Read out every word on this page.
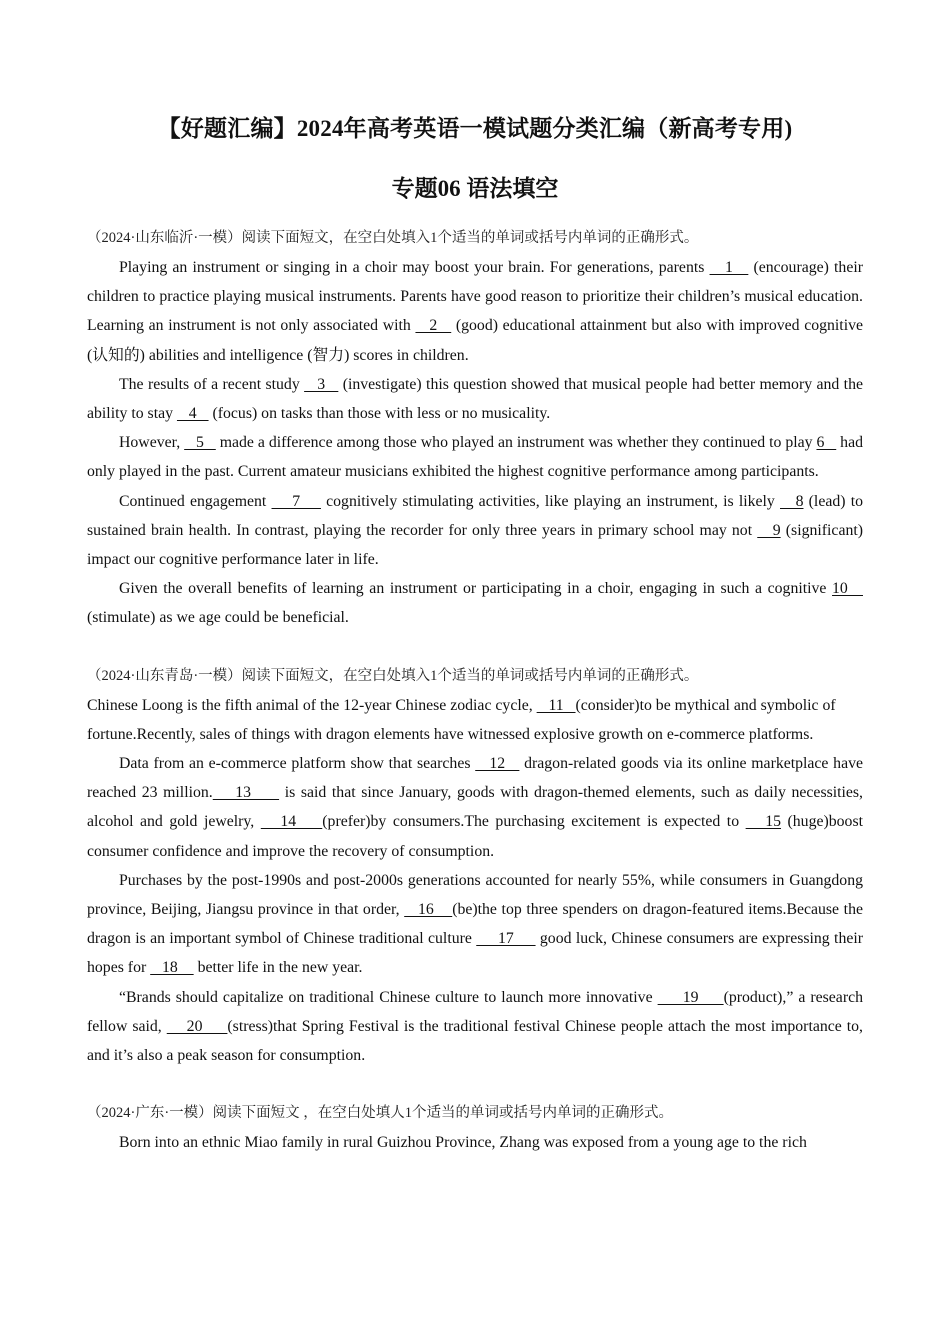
【好题汇编】2024年高考英语一模试题分类汇编（新高考专用)
专题06 语法填空

（2024·山东临沂·一模）阅读下面短文，在空白处填入1个适当的单词或括号内单词的正确形式。

Playing an instrument or singing in a choir may boost your brain. For generations, parents    1    (encourage) their children to practice playing musical instruments. Parents have good reason to prioritize their children’s musical education. Learning an instrument is not only associated with    2    (good) educational attainment but also with improved cognitive (认知的) abilities and intelligence (智力) scores in children.

The results of a recent study    3    (investigate) this question showed that musical people had better memory and the ability to stay    4    (focus) on tasks than those with less or no musicality.

However,    5    made a difference among those who played an instrument was whether they continued to play 6    had only played in the past. Current amateur musicians exhibited the highest cognitive performance among participants.

Continued engagement     7     cognitively stimulating activities, like playing an instrument, is likely    8 (lead) to sustained brain health. In contrast, playing the recorder for only three years in primary school may not    9 (significant) impact our cognitive performance later in life.

Given the overall benefits of learning an instrument or participating in a choir, engaging in such a cognitive 10    (stimulate) as we age could be beneficial.

（2024·山东青岛·一模）阅读下面短文，在空白处填入1个适当的单词或括号内单词的正确形式。

Chinese Loong is the fifth animal of the 12-year Chinese zodiac cycle,    11   (consider)to be mythical and symbolic of fortune.Recently, sales of things with dragon elements have witnessed explosive growth on e-commerce platforms.

Data from an e-commerce platform show that searches    12    dragon-related goods via its online marketplace have reached 23 million.    13      is said that since January, goods with dragon-themed elements, such as daily necessities, alcohol and gold jewelry,    14    (prefer)by consumers.The purchasing excitement is expected to    15 (huge)boost consumer confidence and improve the recovery of consumption.

Purchases by the post-1990s and post-2000s generations accounted for nearly 55%, while consumers in Guangdong province, Beijing, Jiangsu province in that order,    16    (be)the top three spenders on dragon-featured items.Because the dragon is an important symbol of Chinese traditional culture      17      good luck, Chinese consumers are expressing their hopes for    18     better life in the new year.

“Brands should capitalize on traditional Chinese culture to launch more innovative      19     (product),” a research fellow said,     20     (stress)that Spring Festival is the traditional festival Chinese people attach the most importance to, and it’s also a peak season for consumption.

（2024·广东·一模）阅读下面短文 ，在空白处填人1个适当的单词或括号内单词的正确形式。

Born into an ethnic Miao family in rural Guizhou Province, Zhang was exposed from a young age to the rich
